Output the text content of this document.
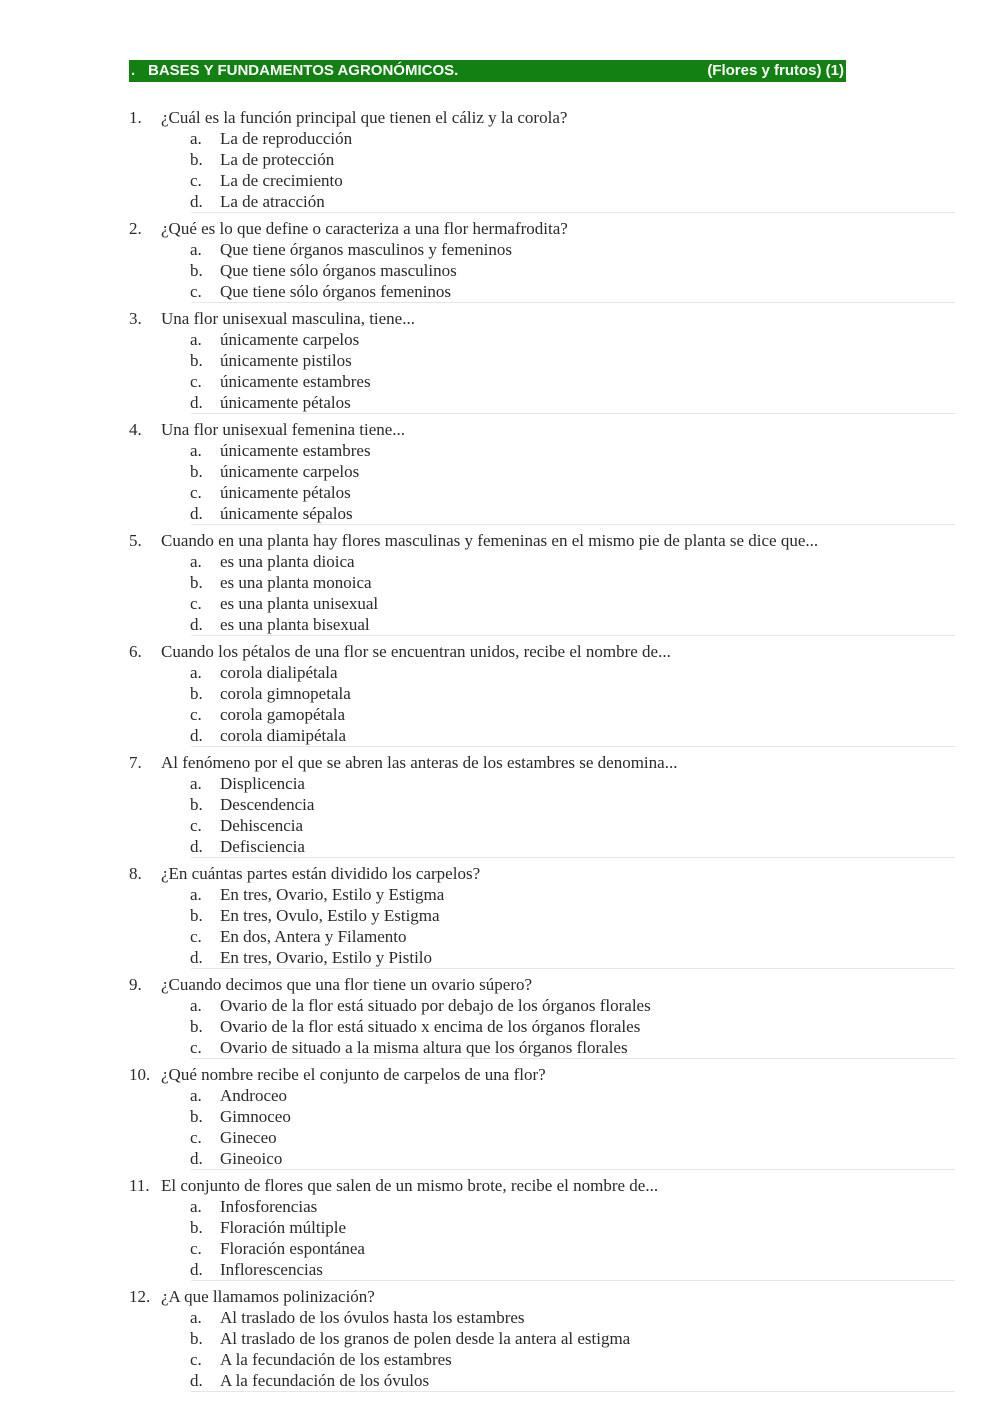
. BASES Y FUNDAMENTOS AGRONÓMICOS.	(Flores y frutos) (1)
1. ¿Cuál es la función principal que tienen el cáliz y la corola?
a. La de reproducción
b. La de protección
c. La de crecimiento
d. La de atracción
2. ¿Qué es lo que define o caracteriza a una flor hermafrodita?
a. Que tiene órganos masculinos y femeninos
b. Que tiene sólo órganos masculinos
c. Que tiene sólo órganos femeninos
3. Una flor unisexual masculina, tiene...
a. únicamente carpelos
b. únicamente pistilos
c. únicamente estambres
d. únicamente pétalos
4. Una flor unisexual femenina tiene...
a. únicamente estambres
b. únicamente carpelos
c. únicamente pétalos
d. únicamente sépalos
5. Cuando en una planta hay flores masculinas y femeninas en el mismo pie de planta se dice que...
a. es una planta dioica
b. es una planta monoica
c. es una planta unisexual
d. es una planta bisexual
6. Cuando los pétalos de una flor se encuentran unidos, recibe el nombre de...
a. corola dialipétala
b. corola gimnopetala
c. corola gamopétala
d. corola diamipétala
7. Al fenómeno por el que se abren las anteras de los estambres se denomina...
a. Displicencia
b. Descendencia
c. Dehiscencia
d. Defisciencia
8. ¿En cuántas partes están dividido los carpelos?
a. En tres, Ovario, Estilo y Estigma
b. En tres, Ovulo, Estilo y Estigma
c. En dos, Antera y Filamento
d. En tres, Ovario, Estilo y Pistilo
9. ¿Cuando decimos que una flor tiene un ovario súpero?
a. Ovario de la flor está situado por debajo de los órganos florales
b. Ovario de la flor está situado x encima de los órganos florales
c. Ovario de situado a la misma altura que los órganos florales
10. ¿Qué nombre recibe el conjunto de carpelos de una flor?
a. Androceo
b. Gimnoceo
c. Gineceo
d. Gineoico
11. El conjunto de flores que salen de un mismo brote, recibe el nombre de...
a. Infosforencias
b. Floración múltiple
c. Floración espontánea
d. Inflorescencias
12. ¿A que llamamos polinización?
a. Al traslado de los óvulos hasta los estambres
b. Al traslado de los granos de polen desde la antera al estigma
c. A la fecundación de los estambres
d. A la fecundación de los óvulos
